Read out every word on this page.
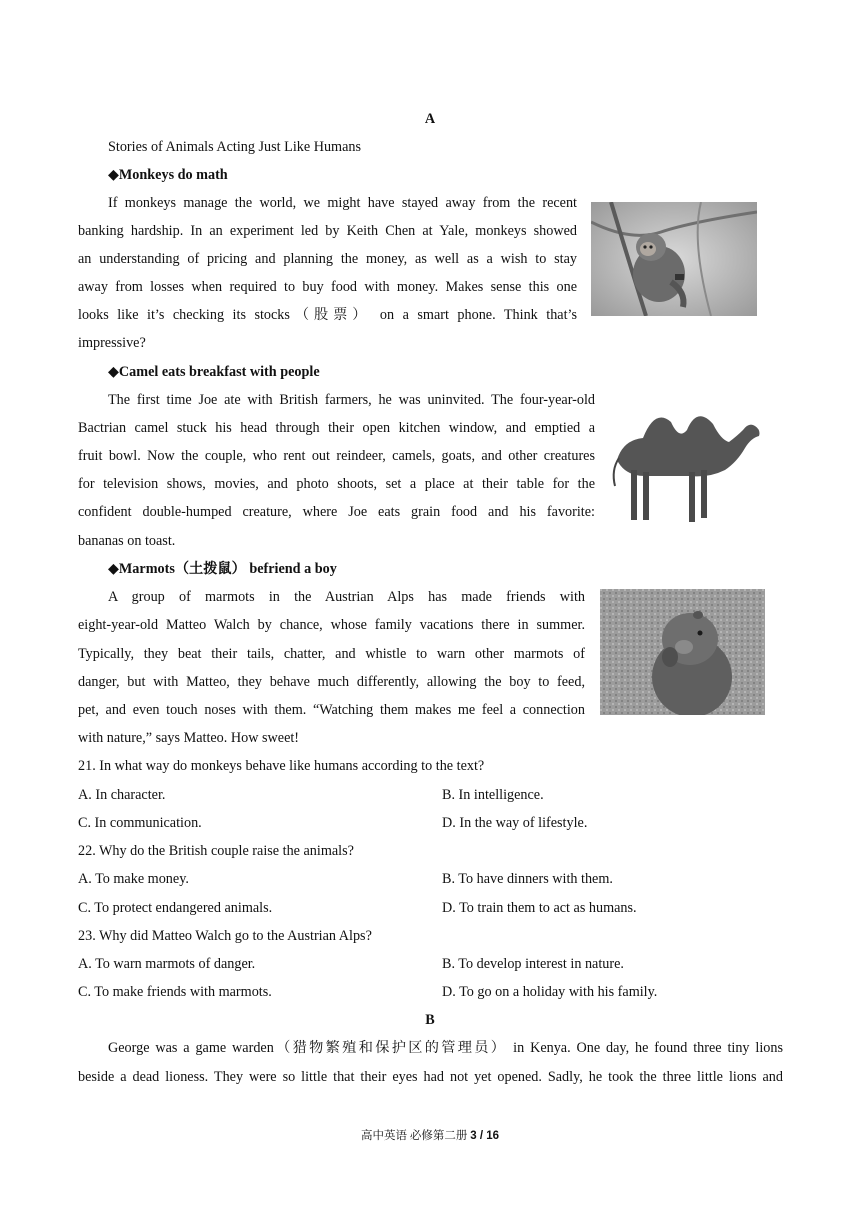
A
Stories of Animals Acting Just Like Humans
◆Monkeys do math
If monkeys manage the world, we might have stayed away from the recent
banking hardship. In an experiment led by Keith Chen at Yale, monkeys showed
an understanding of pricing and planning the money, as well as a wish to stay
away from losses when required to buy food with money. Makes sense this one
looks like it’s checking its stocks（股票） on a smart phone. Think that’s
impressive?
◆Camel eats breakfast with people
The first time Joe ate with British farmers, he was uninvited. The four-year-old
Bactrian camel stuck his head through their open kitchen window, and emptied a
fruit bowl. Now the couple, who rent out reindeer, camels, goats, and other creatures
for television shows, movies, and photo shoots, set a place at their table for the
confident double-humped creature, where Joe eats grain food and his favorite:
bananas on toast.
◆Marmots（土拨鼠） befriend a boy
A group of marmots in the Austrian Alps has made friends with
eight-year-old Matteo Walch by chance, whose family vacations there in summer.
Typically, they beat their tails, chatter, and whistle to warn other marmots of
danger, but with Matteo, they behave much differently, allowing the boy to feed,
pet, and even touch noses with them. “Watching them makes me feel a connection
with nature,” says Matteo. How sweet!
21. In what way do monkeys behave like humans according to the text?
A. In character.	B. In intelligence.
C. In communication.	D. In the way of lifestyle.
22. Why do the British couple raise the animals?
A. To make money.	B. To have dinners with them.
C. To protect endangered animals.	D. To train them to act as humans.
23. Why did Matteo Walch go to the Austrian Alps?
A. To warn marmots of danger.	B. To develop interest in nature.
C. To make friends with marmots.	D. To go on a holiday with his family.
B
George was a game warden（猎物繁殖和保护区的管理员） in Kenya. One day, he found three tiny lions
beside a dead lioness. They were so little that their eyes had not yet opened. Sadly, he took the three little lions and
高中英语 必修第二册 3 / 16
